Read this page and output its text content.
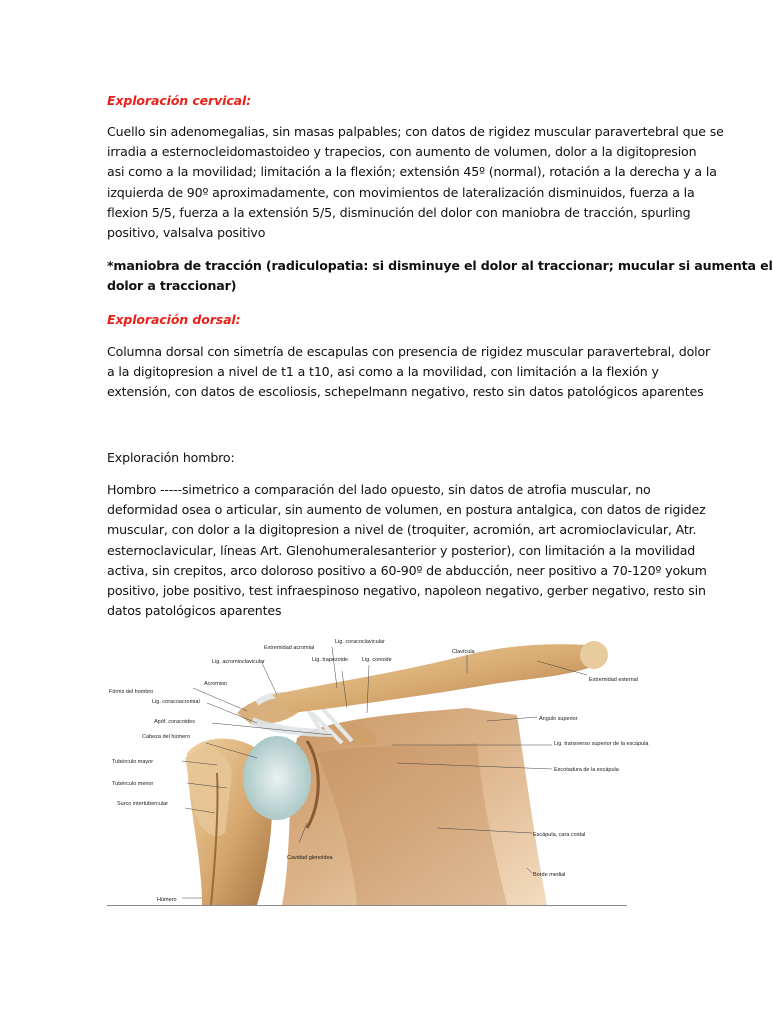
Exploración cervical:

Cuello sin adenomegalias, sin masas palpables; con datos de rigidez muscular paravertebral que se
irradia a esternocleidomastoideo y trapecios, con aumento de volumen, dolor a la digitopresion
asi como a la movilidad; limitación a la flexión; extensión 45º (normal), rotación a la derecha y a la
izquierda de 90º aproximadamente, con movimientos de lateralización disminuidos, fuerza a la
flexion 5/5, fuerza a la extensión 5/5, disminución del dolor con maniobra de tracción, spurling
positivo, valsalva positivo

*maniobra de tracción (radiculopatia: si disminuye el dolor al traccionar; mucular si aumenta el
dolor a traccionar)

Exploración dorsal:

Columna dorsal con simetría de escapulas con presencia de rigidez muscular paravertebral, dolor
a la digitopresion a nivel de t1 a t10, asi como a la movilidad, con limitación a la flexión y
extensión, con datos de escoliosis, schepelmann negativo, resto sin datos patológicos aparentes

Exploración hombro:

Hombro -----simetrico a comparación del lado opuesto, sin datos de atrofia muscular, no
deformidad osea o articular, sin aumento de volumen, en postura antalgica, con datos de rigidez
muscular, con dolor a la digitopresion a nivel de (troquiter, acromión, art acromioclavicular, Atr.
esternoclavicular, líneas Art. Glenohumeralesanterior y posterior), con limitación a la movilidad
activa, sin crepitos, arco doloroso positivo a 60-90º de abducción, neer positivo a 70-120º yokum
positivo, jobe positivo, test infraespinoso negativo, napoleon negativo, gerber negativo, resto sin
datos patológicos aparentes

Lig. coracoclavicular
Extremidad acromial
Lig. acromioclavicular	Lig. trapezoide	Lig. conoide
Clavícula
Acromion
Fórnix del hombro
Lig. coracoacromial
Apóf. coracoides
Extremidad esternal
Ángulo superior
Cabeza del húmero
Lig. transverso superior de la escápula
Tubérculo mayor
Escotadura de la escápula
Tubérculo menor
Surco intertubercular
Escápula, cara costal
Cavidad glenoidea
Borde medial
Húmero
